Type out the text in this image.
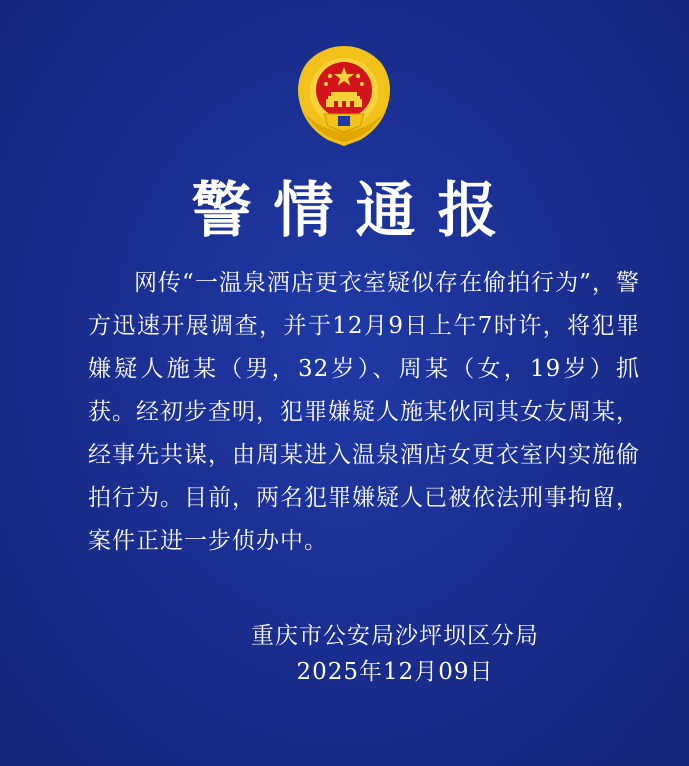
警情通报

网传“一温泉酒店更衣室疑似存在偷拍行为”，警方迅速开展调查，并于12月9日上午7时许，将犯罪嫌疑人施某（男，32岁）、周某（女，19岁）抓获。经初步查明，犯罪嫌疑人施某伙同其女友周某，经事先共谋，由周某进入温泉酒店女更衣室内实施偷拍行为。目前，两名犯罪嫌疑人已被依法刑事拘留，案件正进一步侦办中。

重庆市公安局沙坪坝区分局
2025年12月09日
